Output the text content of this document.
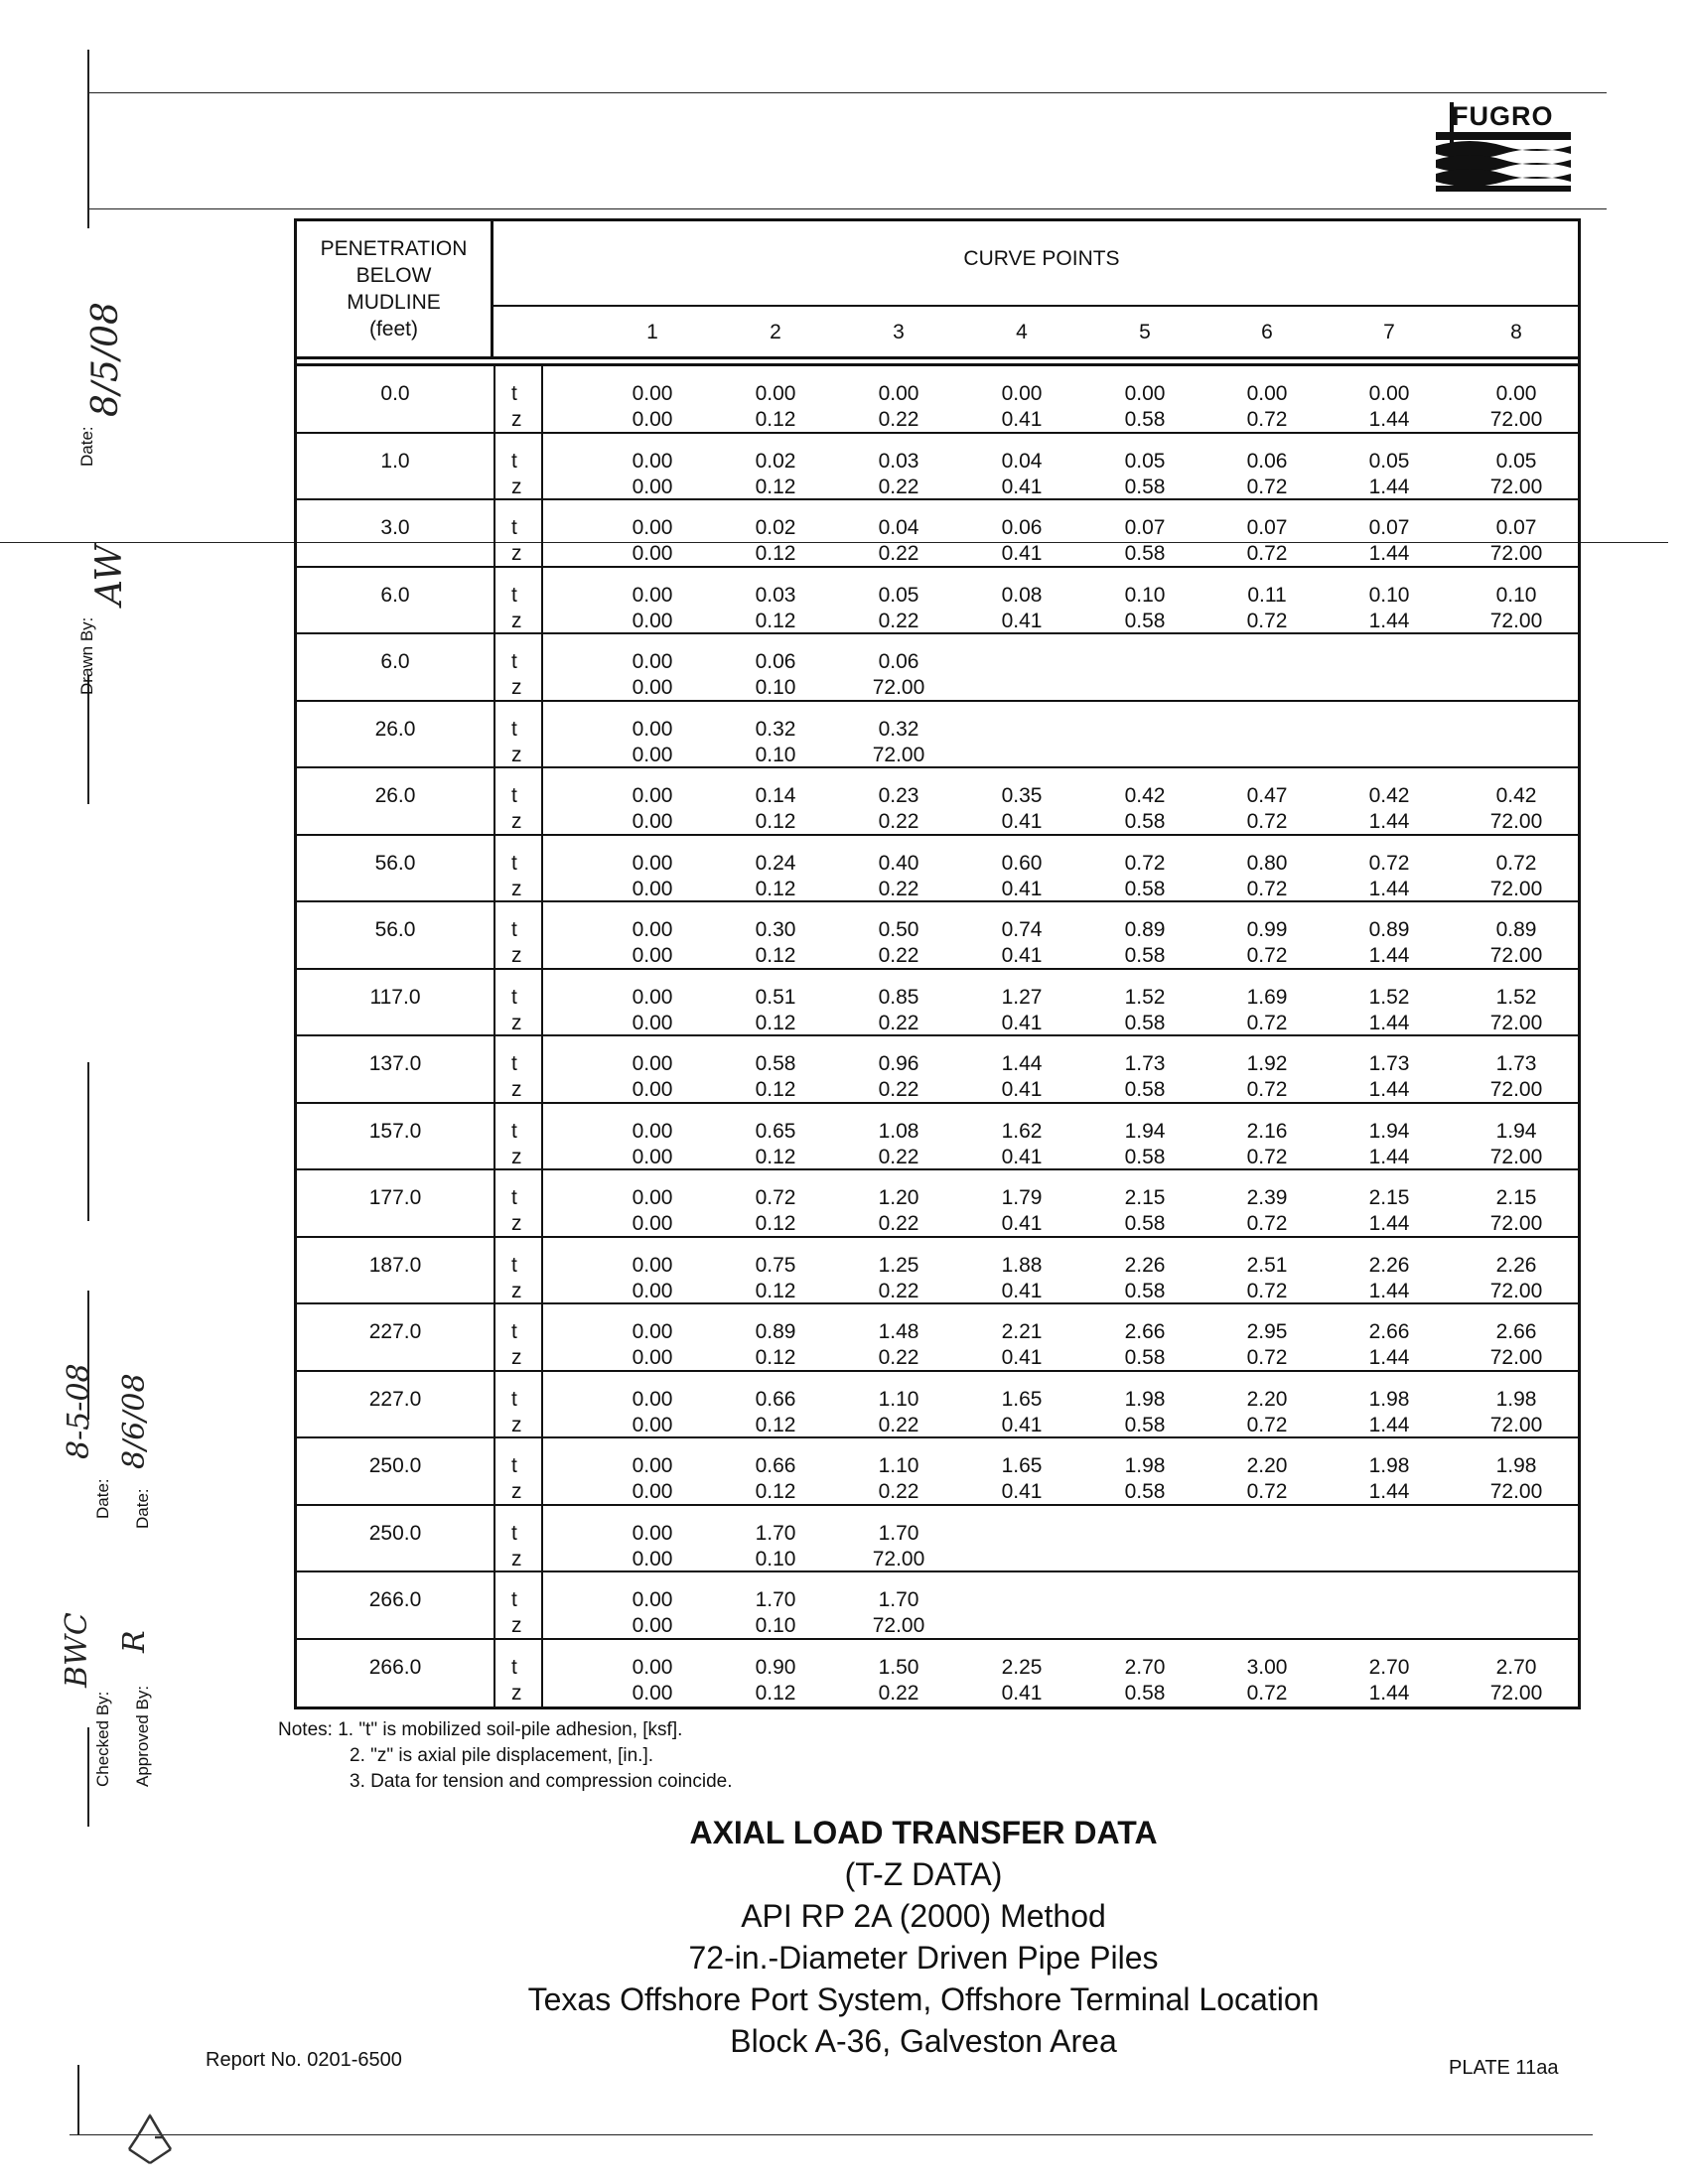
FUGRO
Date:
8/5/08
Drawn By:
AW
8-5-08
Date:
8/6/08
Date:
Checked By:
BWC
Approved By:
R
PENETRATION
BELOW
MUDLINE
(feet)
CURVE POINTS
1	2	3	4	5	6	7	8
0.0	t	0.00	0.00	0.00	0.00	0.00	0.00	0.00	0.00
z	0.00	0.12	0.22	0.41	0.58	0.72	1.44	72.00
1.0	t	0.00	0.02	0.03	0.04	0.05	0.06	0.05	0.05
z	0.00	0.12	0.22	0.41	0.58	0.72	1.44	72.00
3.0	t	0.00	0.02	0.04	0.06	0.07	0.07	0.07	0.07
z	0.00	0.12	0.22	0.41	0.58	0.72	1.44	72.00
6.0	t	0.00	0.03	0.05	0.08	0.10	0.11	0.10	0.10
z	0.00	0.12	0.22	0.41	0.58	0.72	1.44	72.00
6.0	t	0.00	0.06	0.06
z	0.00	0.10	72.00
26.0	t	0.00	0.32	0.32
z	0.00	0.10	72.00
26.0	t	0.00	0.14	0.23	0.35	0.42	0.47	0.42	0.42
z	0.00	0.12	0.22	0.41	0.58	0.72	1.44	72.00
56.0	t	0.00	0.24	0.40	0.60	0.72	0.80	0.72	0.72
z	0.00	0.12	0.22	0.41	0.58	0.72	1.44	72.00
56.0	t	0.00	0.30	0.50	0.74	0.89	0.99	0.89	0.89
z	0.00	0.12	0.22	0.41	0.58	0.72	1.44	72.00
117.0	t	0.00	0.51	0.85	1.27	1.52	1.69	1.52	1.52
z	0.00	0.12	0.22	0.41	0.58	0.72	1.44	72.00
137.0	t	0.00	0.58	0.96	1.44	1.73	1.92	1.73	1.73
z	0.00	0.12	0.22	0.41	0.58	0.72	1.44	72.00
157.0	t	0.00	0.65	1.08	1.62	1.94	2.16	1.94	1.94
z	0.00	0.12	0.22	0.41	0.58	0.72	1.44	72.00
177.0	t	0.00	0.72	1.20	1.79	2.15	2.39	2.15	2.15
z	0.00	0.12	0.22	0.41	0.58	0.72	1.44	72.00
187.0	t	0.00	0.75	1.25	1.88	2.26	2.51	2.26	2.26
z	0.00	0.12	0.22	0.41	0.58	0.72	1.44	72.00
227.0	t	0.00	0.89	1.48	2.21	2.66	2.95	2.66	2.66
z	0.00	0.12	0.22	0.41	0.58	0.72	1.44	72.00
227.0	t	0.00	0.66	1.10	1.65	1.98	2.20	1.98	1.98
z	0.00	0.12	0.22	0.41	0.58	0.72	1.44	72.00
250.0	t	0.00	0.66	1.10	1.65	1.98	2.20	1.98	1.98
z	0.00	0.12	0.22	0.41	0.58	0.72	1.44	72.00
250.0	t	0.00	1.70	1.70
z	0.00	0.10	72.00
266.0	t	0.00	1.70	1.70
z	0.00	0.10	72.00
266.0	t	0.00	0.90	1.50	2.25	2.70	3.00	2.70	2.70
z	0.00	0.12	0.22	0.41	0.58	0.72	1.44	72.00
Notes: 1. "t" is mobilized soil-pile adhesion, [ksf].
2. "z" is axial pile displacement, [in.].
3. Data for tension and compression coincide.
AXIAL LOAD TRANSFER DATA
(T-Z DATA)
API RP 2A (2000) Method
72-in.-Diameter Driven Pipe Piles
Texas Offshore Port System, Offshore Terminal Location
Block A-36, Galveston Area
Report No. 0201-6500	PLATE 11aa
